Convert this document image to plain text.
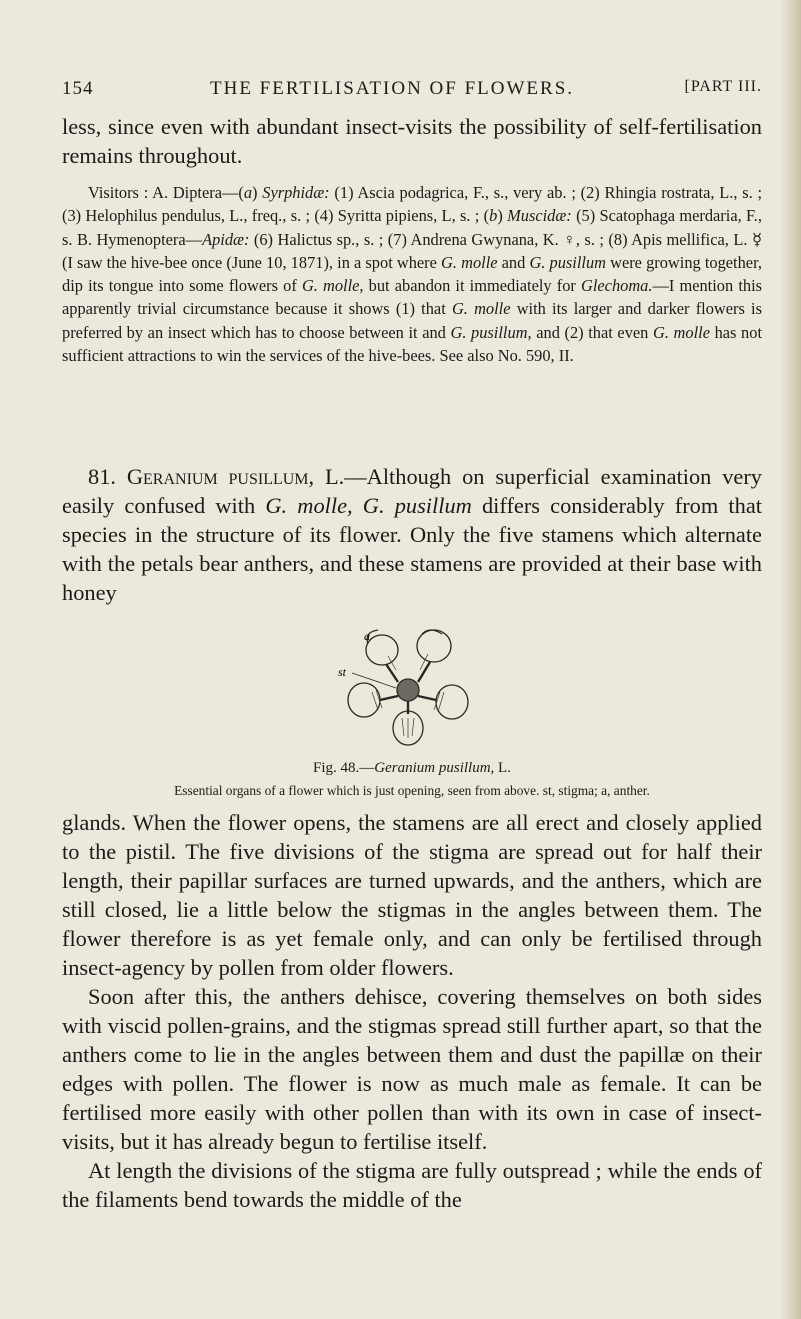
154	THE FERTILISATION OF FLOWERS.	[PART III.

less, since even with abundant insect-visits the possibility of self-fertilisation remains throughout.

Visitors : A. Diptera—(a) Syrphidæ: (1) Ascia podagrica, F., s., very ab. ; (2) Rhingia rostrata, L., s. ; (3) Helophilus pendulus, L., freq., s. ; (4) Syritta pipiens, L, s. ; (b) Muscidæ: (5) Scatophaga merdaria, F., s. B. Hymenoptera—Apidæ: (6) Halictus sp., s. ; (7) Andrena Gwynana, K. ♀, s. ; (8) Apis mellifica, L. ☿ (I saw the hive-bee once (June 10, 1871), in a spot where G. molle and G. pusillum were growing together, dip its tongue into some flowers of G. molle, but abandon it immediately for Glechoma.—I mention this apparently trivial circumstance because it shows (1) that G. molle with its larger and darker flowers is preferred by an insect which has to choose between it and G. pusillum, and (2) that even G. molle has not sufficient attractions to win the services of the hive-bees. See also No. 590, II.

81. Geranium pusillum, L.—Although on superficial examination very easily confused with G. molle, G. pusillum differs considerably from that species in the structure of its flower. Only the five stamens which alternate with the petals bear anthers, and these stamens are provided at their base with honey

a
st
Fig. 48.—Geranium pusillum, L.
Essential organs of a flower which is just opening, seen from above. st, stigma; a, anther.

glands. When the flower opens, the stamens are all erect and closely applied to the pistil. The five divisions of the stigma are spread out for half their length, their papillar surfaces are turned upwards, and the anthers, which are still closed, lie a little below the stigmas in the angles between them. The flower therefore is as yet female only, and can only be fertilised through insect-agency by pollen from older flowers.

Soon after this, the anthers dehisce, covering themselves on both sides with viscid pollen-grains, and the stigmas spread still further apart, so that the anthers come to lie in the angles between them and dust the papillæ on their edges with pollen. The flower is now as much male as female. It can be fertilised more easily with other pollen than with its own in case of insect-visits, but it has already begun to fertilise itself.

At length the divisions of the stigma are fully outspread ; while the ends of the filaments bend towards the middle of the
